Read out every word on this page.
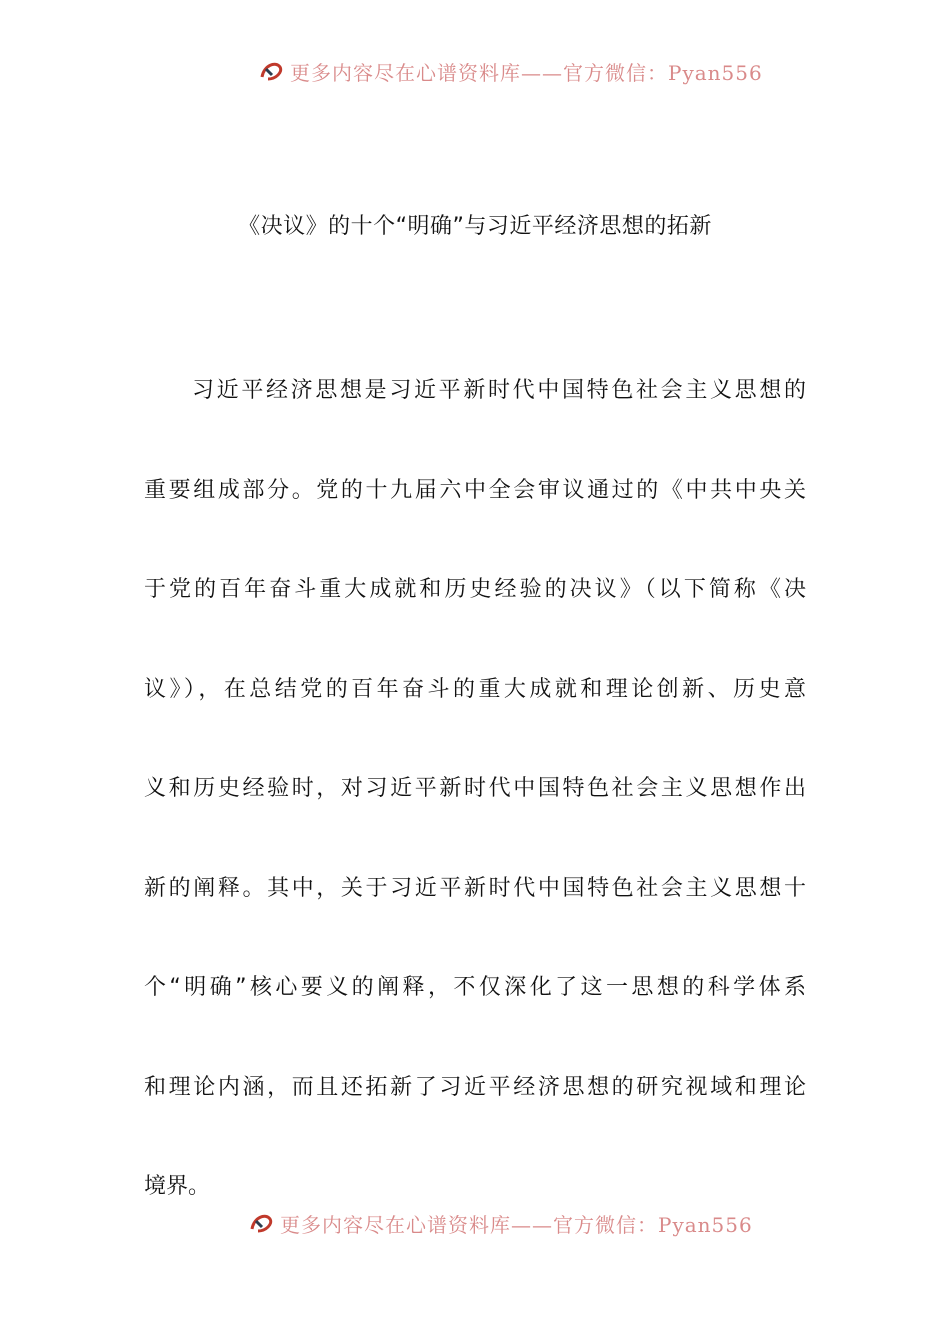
更多内容尽在心谱资料库——官方微信：Pyan556
《决议》的十个“明确”与习近平经济思想的拓新
习近平经济思想是习近平新时代中国特色社会主义思想的
重要组成部分。党的十九届六中全会审议通过的《中共中央关
于党的百年奋斗重大成就和历史经验的决议》（以下简称《决
议》），在总结党的百年奋斗的重大成就和理论创新、历史意
义和历史经验时，对习近平新时代中国特色社会主义思想作出
新的阐释。其中，关于习近平新时代中国特色社会主义思想十
个“明确”核心要义的阐释，不仅深化了这一思想的科学体系
和理论内涵，而且还拓新了习近平经济思想的研究视域和理论
境界。
更多内容尽在心谱资料库——官方微信：Pyan556
